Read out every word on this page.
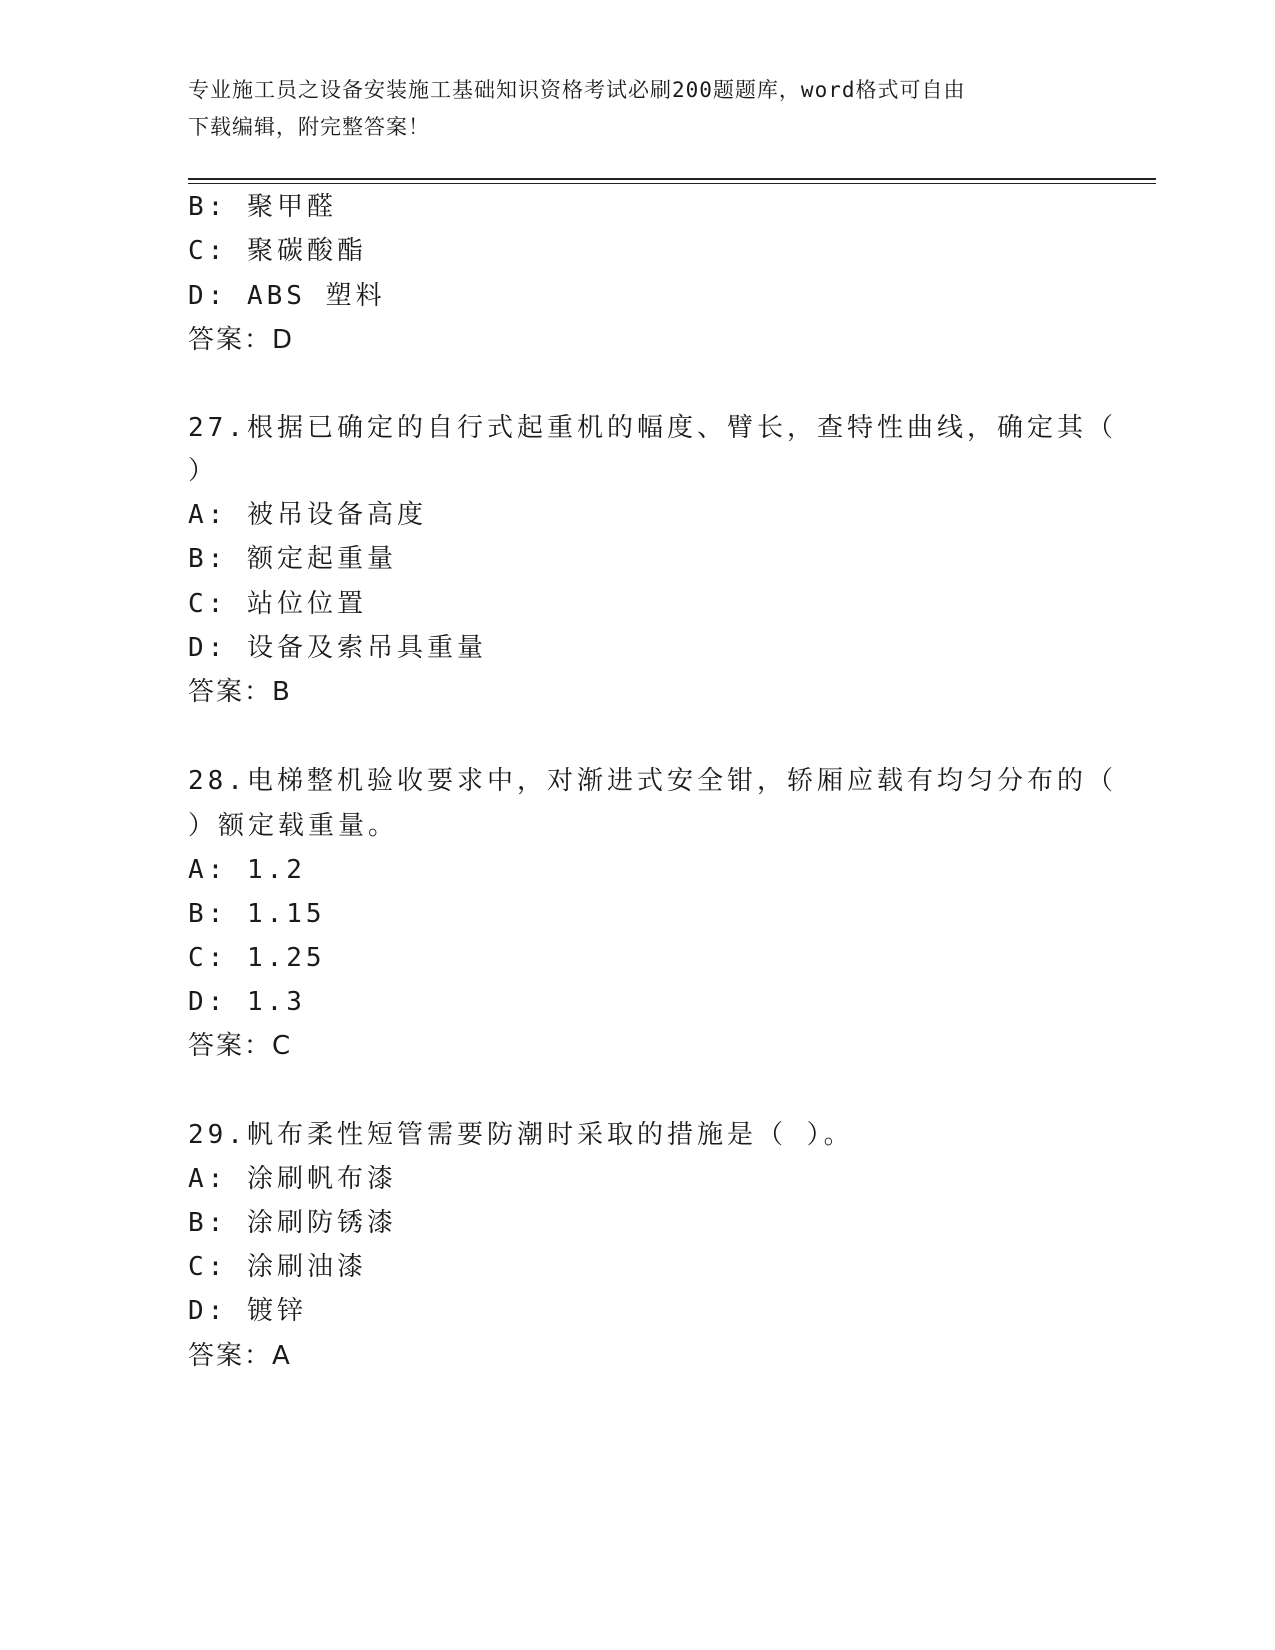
专业施工员之设备安装施工基础知识资格考试必刷200题题库，word格式可自由
下载编辑，附完整答案！
B: 聚甲醛
C: 聚碳酸酯
D: ABS 塑料
答案：D
27.根据已确定的自行式起重机的幅度、臂长，查特性曲线，确定其（
）
A: 被吊设备高度
B: 额定起重量
C: 站位位置
D: 设备及索吊具重量
答案：B
28.电梯整机验收要求中，对渐进式安全钳，轿厢应载有均匀分布的（
）额定载重量。
A: 1.2
B: 1.15
C: 1.25
D: 1.3
答案：C
29.帆布柔性短管需要防潮时采取的措施是（ ）。
A: 涂刷帆布漆
B: 涂刷防锈漆
C: 涂刷油漆
D: 镀锌
答案：A
